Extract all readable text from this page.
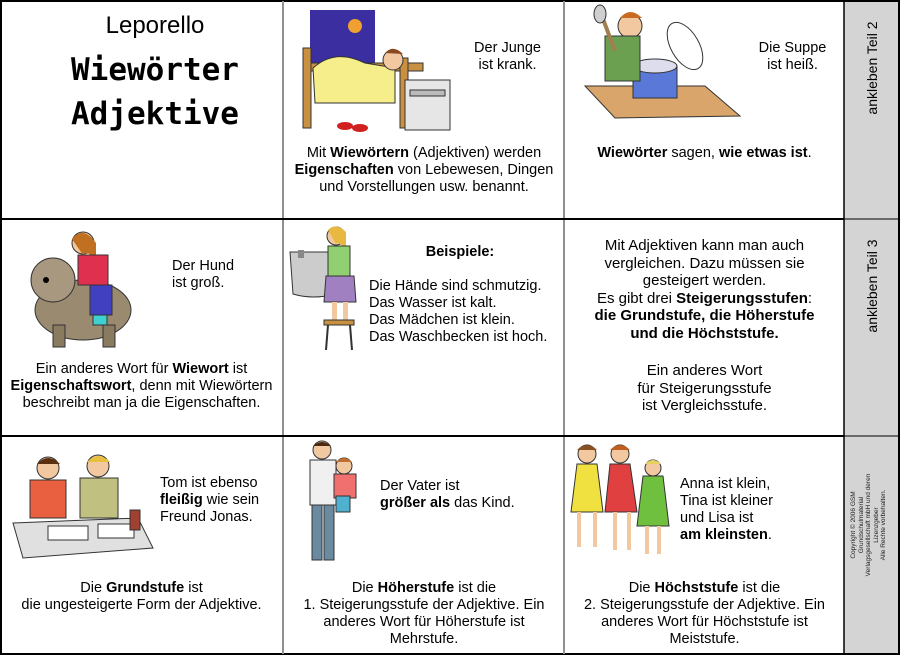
ankleben Teil 2
ankleben Teil 3
Copyright © 2006 GSM Grundschulmaterial Verlagsgesellschaft mbH und deren Lizenzgeber Alle Rechte vorbehalten.
Leporello
Wiewörter
Adjektive
Der Junge
ist krank.
Mit Wiewörtern (Adjektiven) werden
Eigenschaften von Lebewesen, Dingen
und Vorstellungen usw. benannt.
Die Suppe
ist heiß.
Wiewörter sagen, wie etwas ist.
Der Hund
ist groß.
Ein anderes Wort für Wiewort ist
Eigenschaftswort, denn mit Wiewörtern
beschreibt man ja die Eigenschaften.
Beispiele:
Die Hände sind schmutzig.
Das Wasser ist kalt.
Das Mädchen ist klein.
Das Waschbecken ist hoch.
Mit Adjektiven kann man auch
vergleichen. Dazu müssen sie
gesteigert werden.
Es gibt drei Steigerungsstufen:
die Grundstufe, die Höherstufe
und die Höchststufe.
Ein anderes Wort
für Steigerungsstufe
ist Vergleichsstufe.
Tom ist ebenso
fleißig wie sein
Freund Jonas.
Die Grundstufe ist
die ungesteigerte Form der Adjektive.
Der Vater ist
größer als das Kind.
Die Höherstufe ist die
1. Steigerungsstufe der Adjektive. Ein
anderes Wort für Höherstufe ist
Mehrstufe.
Anna ist klein,
Tina ist kleiner
und Lisa ist
am kleinsten.
Die Höchststufe ist die
2. Steigerungsstufe der Adjektive. Ein
anderes Wort für Höchststufe ist
Meiststufe.
